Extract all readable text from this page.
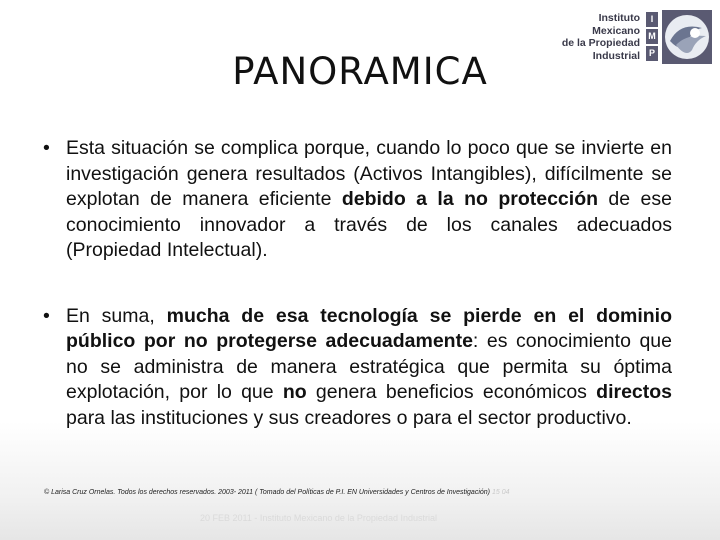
PANORAMICA
Instituto
Mexicano
de la Propiedad
Industrial
I
M
P
• Esta situación se complica porque, cuando lo poco que se invierte en investigación genera resultados (Activos Intangibles), difícilmente se explotan de manera eficiente debido a la no protección de ese conocimiento innovador a través de los canales adecuados (Propiedad Intelectual).
• En suma, mucha de esa tecnología se pierde en el dominio público por no protegerse adecuadamente: es conocimiento que no se administra de manera estratégica que permita su óptima explotación, por lo que no genera beneficios económicos directos para las instituciones y sus creadores o para el sector productivo.
© Larisa Cruz Ornelas. Todos los derechos reservados. 2003- 2011 ( Tomado del Políticas de P.I. EN Universidades y Centros de Investigación) 15 04
20 FEB 2011 - Instituto Mexicano de la Propiedad Industrial
